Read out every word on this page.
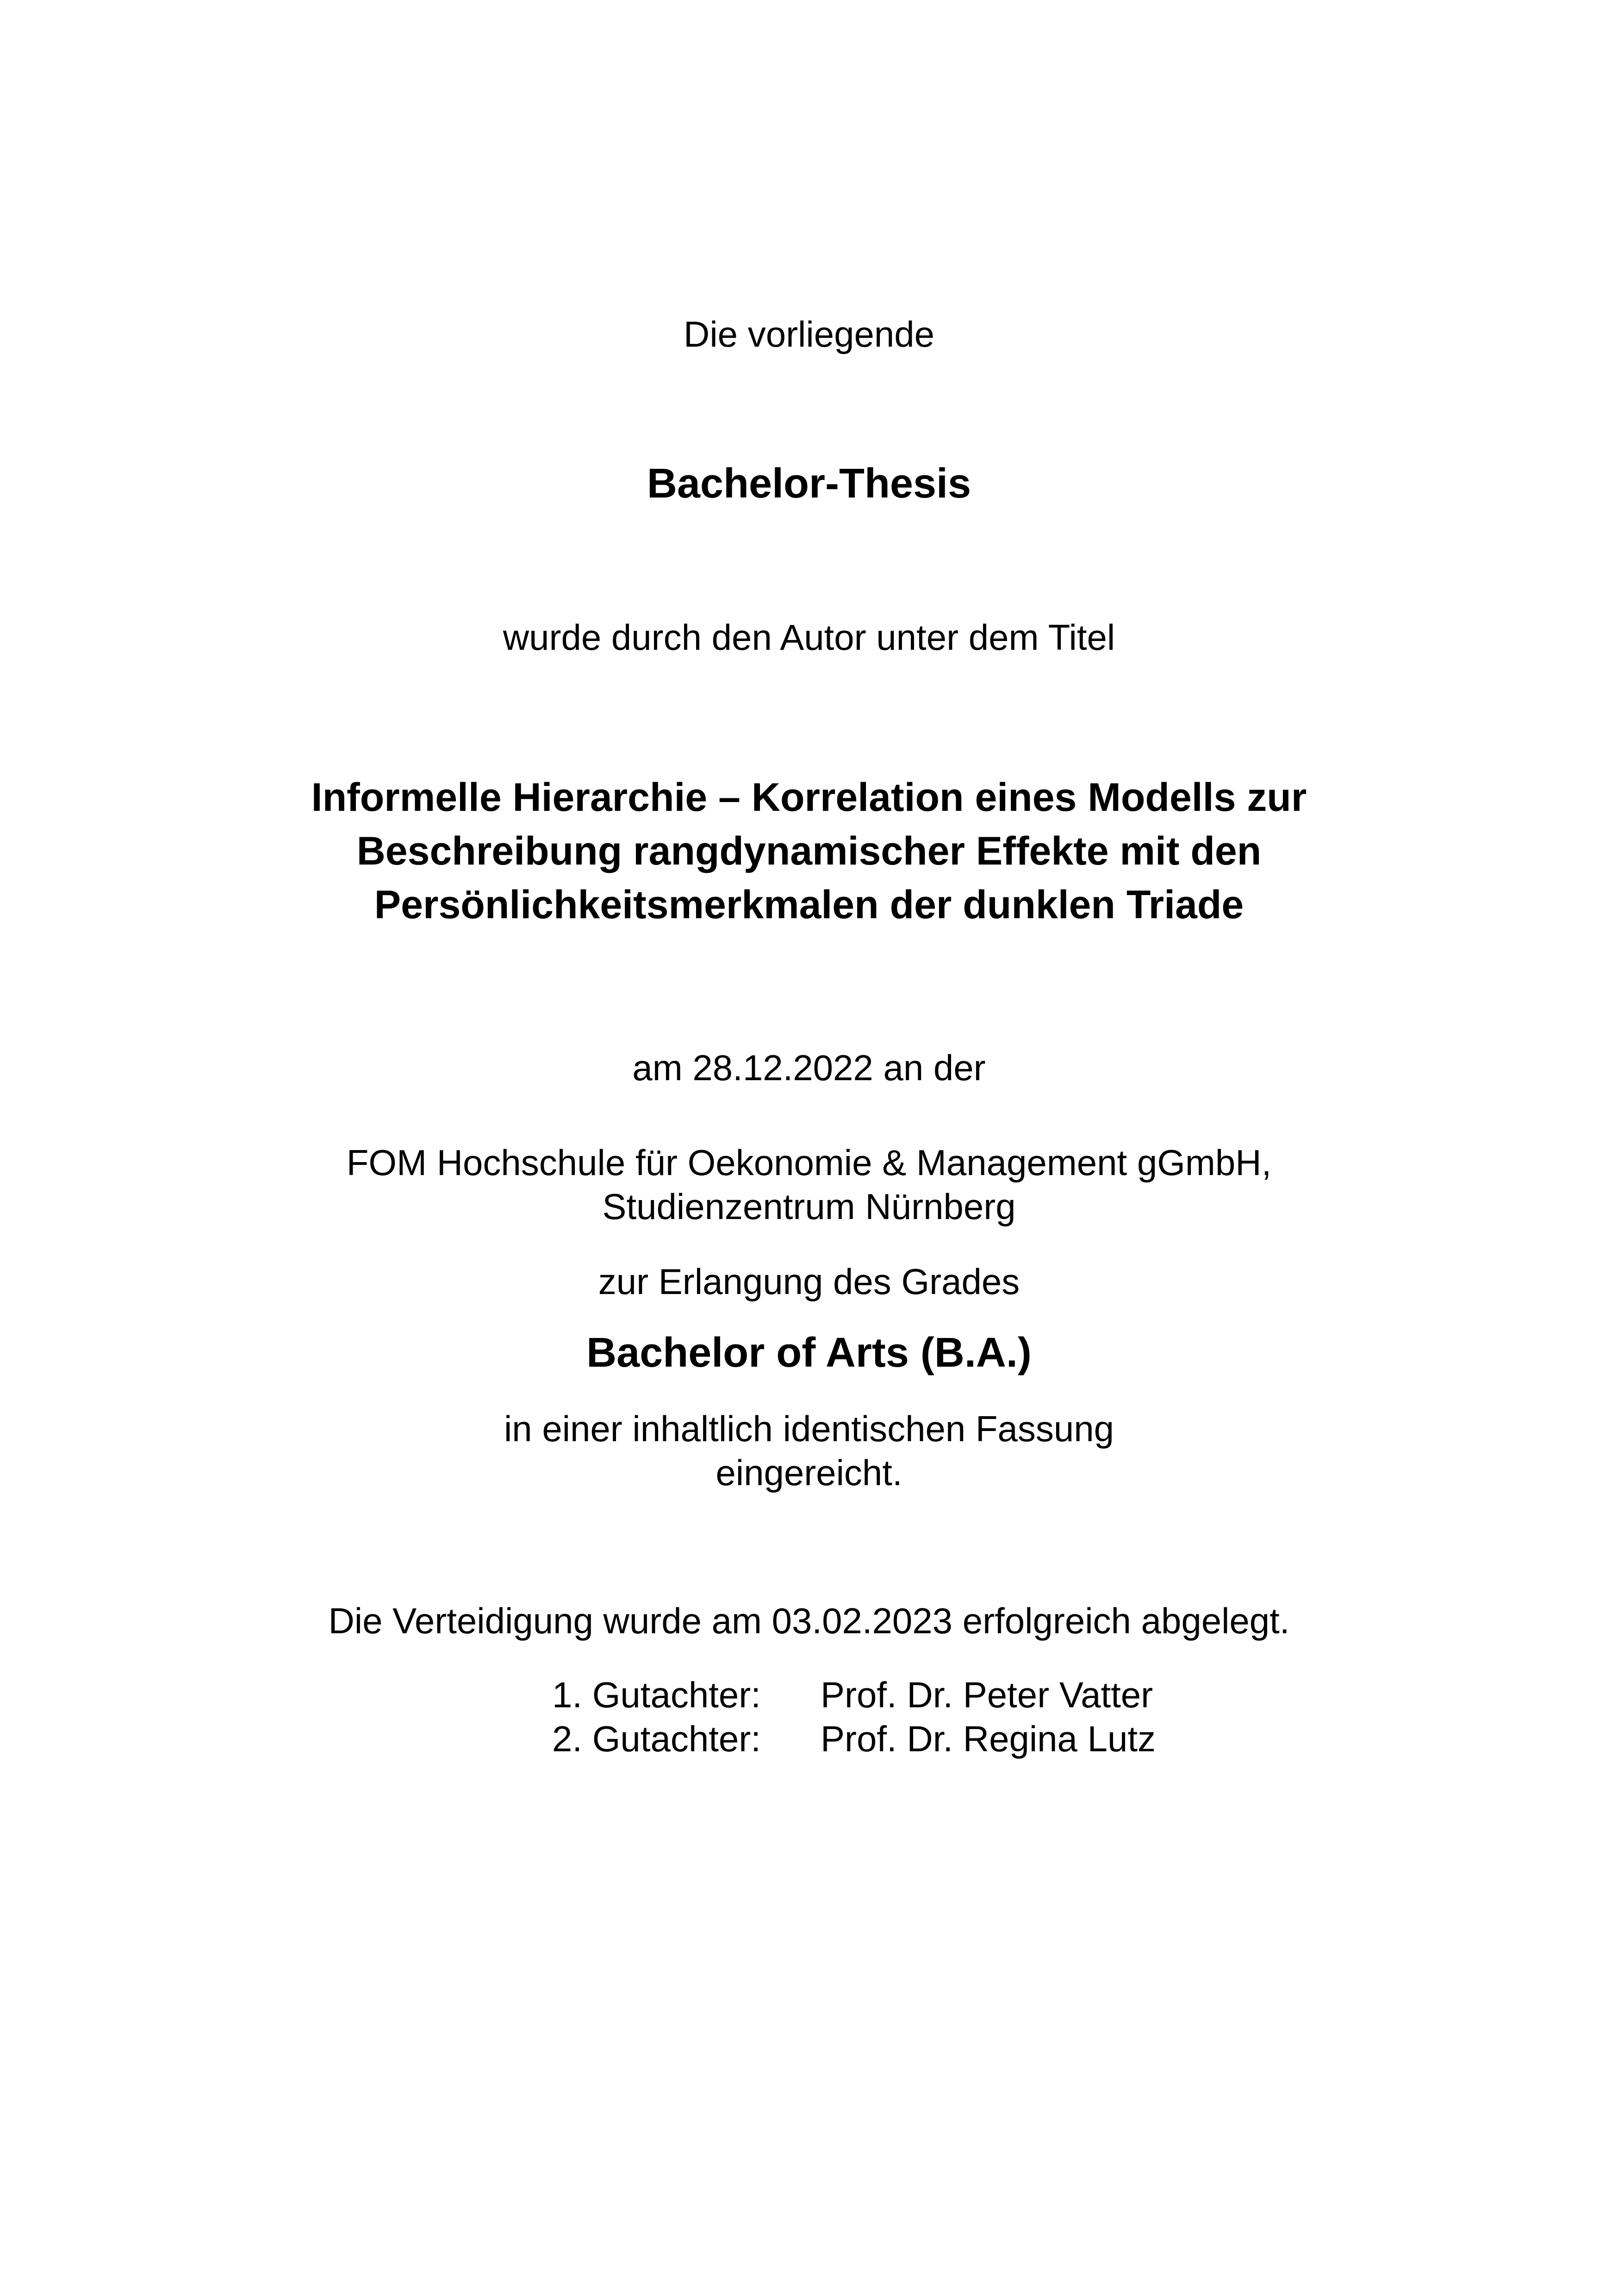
Die vorliegende

Bachelor-Thesis

wurde durch den Autor unter dem Titel

Informelle Hierarchie – Korrelation eines Modells zur
Beschreibung rangdynamischer Effekte mit den
Persönlichkeitsmerkmalen der dunklen Triade

am 28.12.2022 an der

FOM Hochschule für Oekonomie & Management gGmbH,
Studienzentrum Nürnberg

zur Erlangung des Grades

Bachelor of Arts (B.A.)

in einer inhaltlich identischen Fassung
eingereicht.

Die Verteidigung wurde am 03.02.2023 erfolgreich abgelegt.

1. Gutachter:	Prof. Dr. Peter Vatter
2. Gutachter:	Prof. Dr. Regina Lutz
